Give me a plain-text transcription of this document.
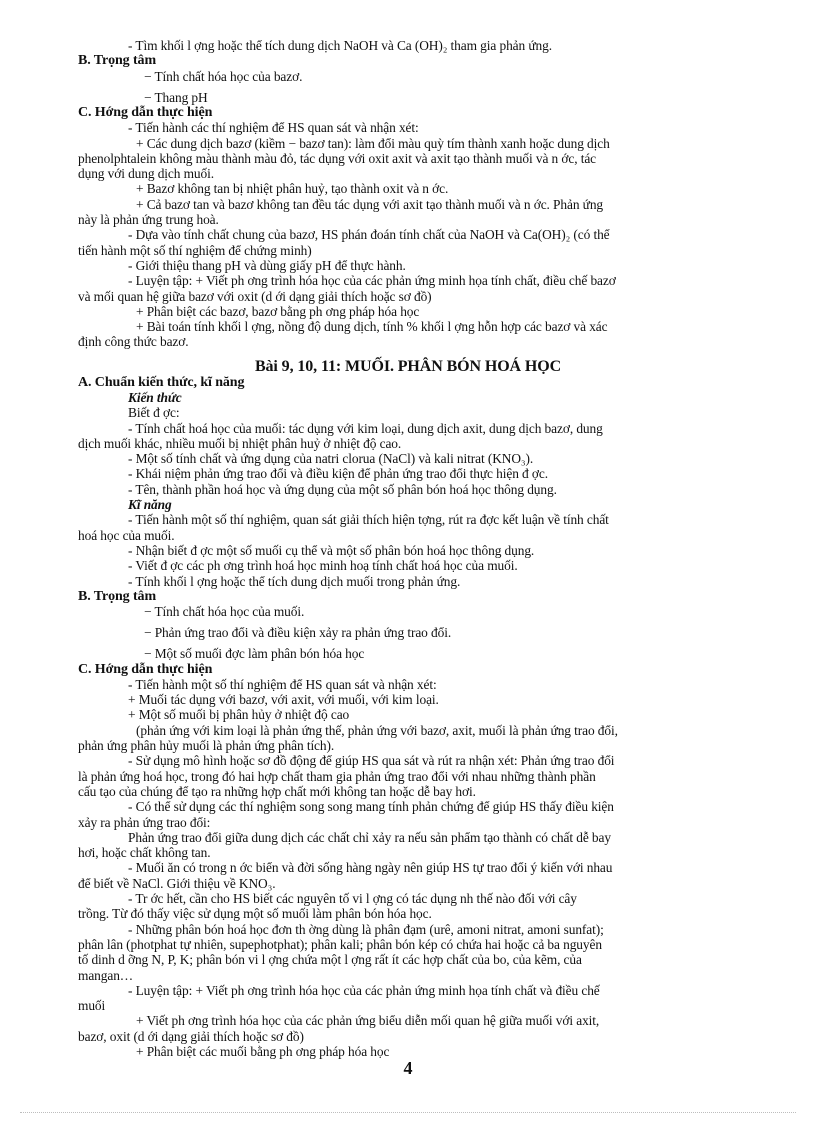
- Tìm khối l ợng hoặc thể tích dung dịch NaOH và Ca (OH)₂ tham gia phản ứng.
B. Trọng tâm
− Tính chất hóa học của bazơ.
− Thang pH
C. Hớng dẫn thực hiện
- Tiến hành các thí nghiệm để HS quan sát và nhận xét:
+ Các dung dịch bazơ (kiềm − bazơ tan): làm đổi màu quỳ tím thành xanh hoặc dung dịch
phenolphtalein không màu thành màu đỏ, tác dụng với oxit axit và axit tạo thành muối và n ớc, tác
dụng với dung dịch muối.
+ Bazơ không tan bị nhiệt phân huỷ, tạo thành oxit và n ớc.
+ Cả bazơ tan và bazơ không tan đều tác dụng với axit tạo thành muối và n ớc. Phản ứng
này là phản ứng trung hoà.
- Dựa vào tính chất chung của bazơ, HS phán đoán tính chất của NaOH và Ca(OH)₂ (có thể
tiến hành một số thí nghiệm để chứng minh)
- Giới thiệu thang pH và dùng giấy pH để thực hành.
- Luyện tập: + Viết ph ơng trình hóa học của các phản ứng minh họa tính chất, điều chế bazơ
và mối quan hệ giữa bazơ với oxit (d ới dạng giải thích hoặc sơ đồ)
+ Phân biệt các bazơ, bazơ bằng ph ơng pháp hóa học
+ Bài toán tính khối l ợng, nồng độ dung dịch, tính % khối l ợng hỗn hợp các bazơ và xác
định công thức bazơ.
Bài 9, 10, 11: MUỐI. PHÂN BÓN HOÁ HỌC
A. Chuẩn kiến thức, kĩ năng
Kiến thức
Biết đ ợc:
- Tính chất hoá học của muối: tác dụng với kim loại, dung dịch axit, dung dịch bazơ, dung
dịch muối khác, nhiều muối bị nhiệt phân huỷ ở nhiệt độ cao.
- Một số tính chất và ứng dụng của natri clorua (NaCl) và kali nitrat (KNO₃).
- Khái niệm phản ứng trao đổi và điều kiện để phản ứng trao đổi thực hiện đ ợc.
- Tên, thành phần hoá học và ứng dụng của một số phân bón hoá học thông dụng.
Kĩ năng
- Tiến hành một số thí nghiệm, quan sát giải thích hiện tợng, rút ra đợc kết luận về tính chất
hoá học của muối.
- Nhận biết đ ợc một số muối cụ thể và một số phân bón hoá học thông dụng.
- Viết đ ợc các ph ơng trình hoá học minh hoạ tính chất hoá học của muối.
- Tính khối l ợng hoặc thể tích dung dịch muối trong phản ứng.
B. Trọng tâm
− Tính chất hóa học của muối.
− Phản ứng trao đổi và điều kiện xảy ra phản ứng trao đổi.
− Một số muối đợc làm phân bón hóa học
C. Hớng dẫn thực hiện
- Tiến hành một số thí nghiệm để HS quan sát và nhận xét:
+ Muối tác dụng với bazơ, với axit, với muối, với kim loại.
+ Một số muối bị phân hủy ở nhiệt độ cao
(phản ứng với kim loại là phản ứng thế, phản ứng với bazơ, axit, muối là phản ứng trao đổi,
phản ứng phân hủy muối là phản ứng phân tích).
- Sử dụng mô hình hoặc sơ đồ động để giúp HS qua sát và rút ra nhận xét: Phản ứng trao đổi
là phản ứng hoá học, trong đó hai hợp chất tham gia phản ứng trao đổi với nhau những thành phần
cấu tạo của chúng để tạo ra những hợp chất mới không tan hoặc dễ bay hơi.
- Có thể sử dụng các thí nghiệm song song mang tính phản chứng để giúp HS thấy điều kiện
xảy ra phản ứng trao đổi:
Phản ứng trao đổi giữa dung dịch các chất chỉ xảy ra nếu sản phẩm tạo thành có chất dễ bay
hơi, hoặc chất không tan.
- Muối ăn có trong n ớc biển và đời sống hàng ngày nên giúp HS tự trao đổi ý kiến với nhau
để biết về NaCl. Giới thiệu về KNO₃.
- Tr ớc hết, cần cho HS biết các nguyên tố vi l ợng có tác dụng nh thế nào đối với cây
trồng. Từ đó thấy việc sử dụng một số muối làm phân bón hóa học.
- Những phân bón hoá học đơn th ờng dùng là phân đạm (urê, amoni nitrat, amoni sunfat);
phân lân (photphat tự nhiên, supephotphat); phân kali; phân bón kép có chứa hai hoặc cả ba nguyên
tố dinh d ỡng N, P, K; phân bón vi l ợng chứa một l ợng rất ít các hợp chất của bo, của kẽm, của
mangan…
- Luyện tập: + Viết ph ơng trình hóa học của các phản ứng minh họa tính chất và điều chế
muối
+ Viết ph ơng trình hóa học của các phản ứng biểu diễn mối quan hệ giữa muối với axit,
bazơ, oxit (d ới dạng giải thích hoặc sơ đồ)
+ Phân biệt các muối bằng ph ơng pháp hóa học
4
